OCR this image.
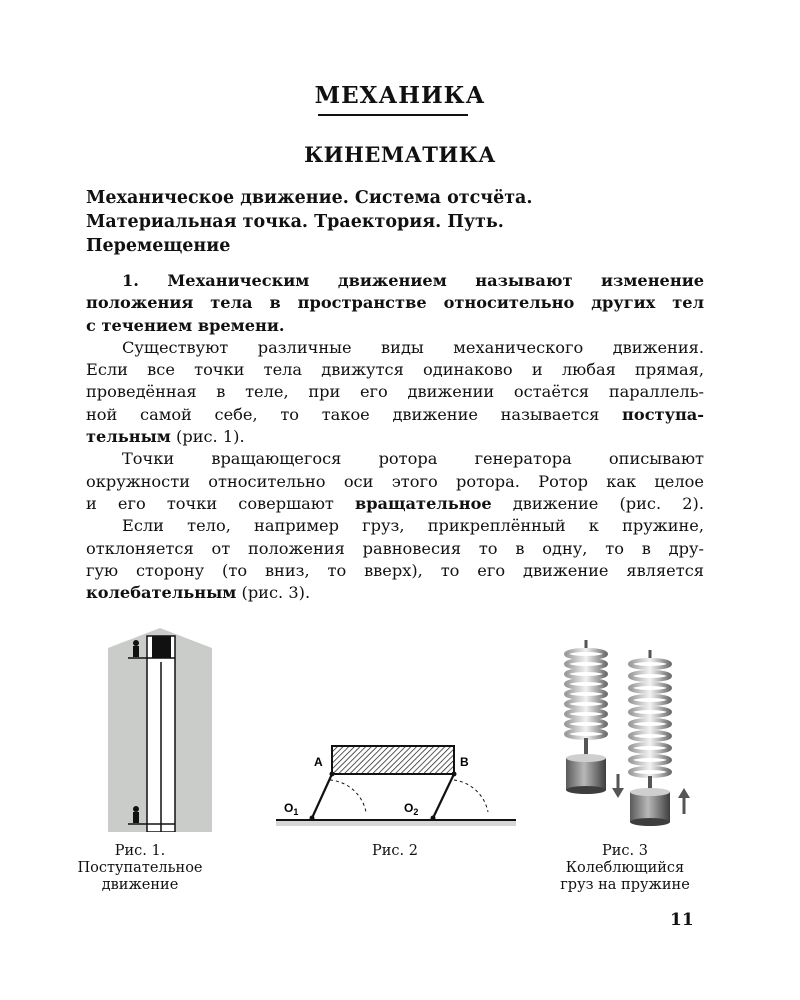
МЕХАНИКА
КИНЕМАТИКА
Механическое движение. Система отсчёта.
Материальная точка. Траектория. Путь.
Перемещение
1. Механическим движением называют изменение
положения тела в пространстве относительно других тел
с течением времени.
Существуют различные виды механического движения.
Если все точки тела движутся одинаково и любая прямая,
проведённая в теле, при его движении остаётся параллель-
ной самой себе, то такое движение называется поступа-
тельным (рис. 1).
Точки вращающегося ротора генератора описывают
окружности относительно оси этого ротора. Ротор как целое
и его точки совершают вращательное движение (рис. 2).
Если тело, например груз, прикреплённый к пружине,
отклоняется от положения равновесия то в одну, то в дру-
гую сторону (то вниз, то вверх), то его движение является
колебательным (рис. 3).
A	B
$O_1$	$O_2$
Рис. 1.
Поступательное
движение
Рис. 2	Рис. 3
Колеблющийся
груз на пружине
11
